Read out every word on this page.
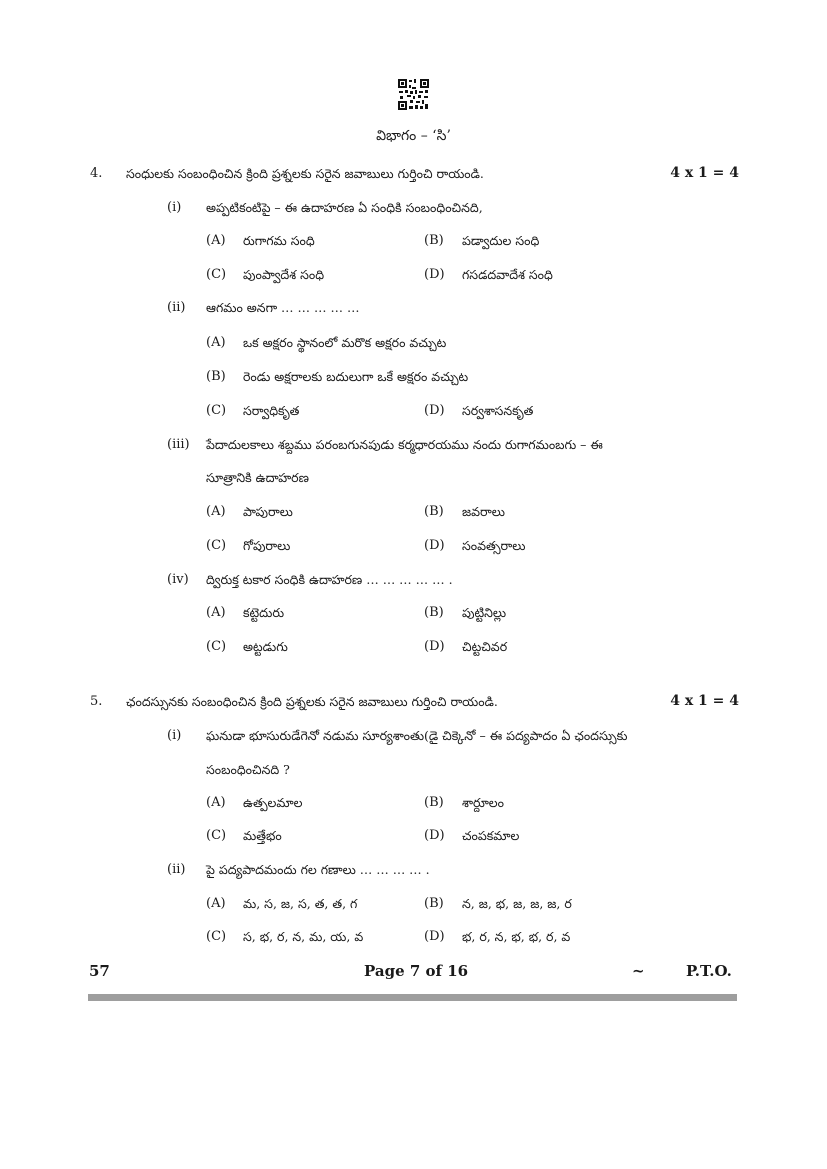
విభాగం – ‘సి’
4. సంధులకు సంబంధించిన క్రింది ప్రశ్నలకు సరైన జవాబులు గుర్తించి రాయండి.	4 x 1 = 4
(i) అప్పటికంటిపై – ఈ ఉదాహరణ ఏ సంధికి సంబంధించినది,
(A) రుగాగమ సంధి	(B) పడ్వాదుల సంధి
(C) పుంప్వాదేశ సంధి	(D) గసడదవాదేశ సంధి
(ii) ఆగమం అనగా … … … … …
(A) ఒక అక్షరం స్థానంలో మరొక అక్షరం వచ్చుట
(B) రెండు అక్షరాలకు బదులుగా ఒకే అక్షరం వచ్చుట
(C) సర్వాధికృత	(D) సర్వశాసనకృత
(iii) పేదాదులకాలు శబ్దము పరంబగునపుడు కర్మధారయము నందు రుగాగమంబగు – ఈ
సూత్రానికి ఉదాహరణ
(A) పాపురాలు	(B) జవరాలు
(C) గోపురాలు	(D) సంవత్సరాలు
(iv) ద్విరుక్త టకార సంధికి ఉదాహరణ … … … … … .
(A) కట్టెదురు	(B) పుట్టినిల్లు
(C) అట్టడుగు	(D) చిట్టచివర
5. ఛందస్సునకు సంబంధించిన క్రింది ప్రశ్నలకు సరైన జవాబులు గుర్తించి రాయండి.	4 x 1 = 4
(i) ఘనుడా భూసురుడేగెనో నడుమ సూర్యశాంతు(డై చిక్కెనో – ఈ పద్యపాదం ఏ ఛందస్సుకు
సంబంధించినది ?
(A) ఉత్పలమాల	(B) శార్దూలం
(C) మత్తేభం	(D) చంపకమాల
(ii) పై పద్యపాదమందు గల గణాలు … … … … .
(A) మ, స, జ, స, త, త, గ	(B) న, జ, భ, జ, జ, జ, ర
(C) స, భ, ర, న, మ, య, వ	(D) భ, ర, న, భ, భ, ర, వ
57	Page 7 of 16	~	P.T.O.
